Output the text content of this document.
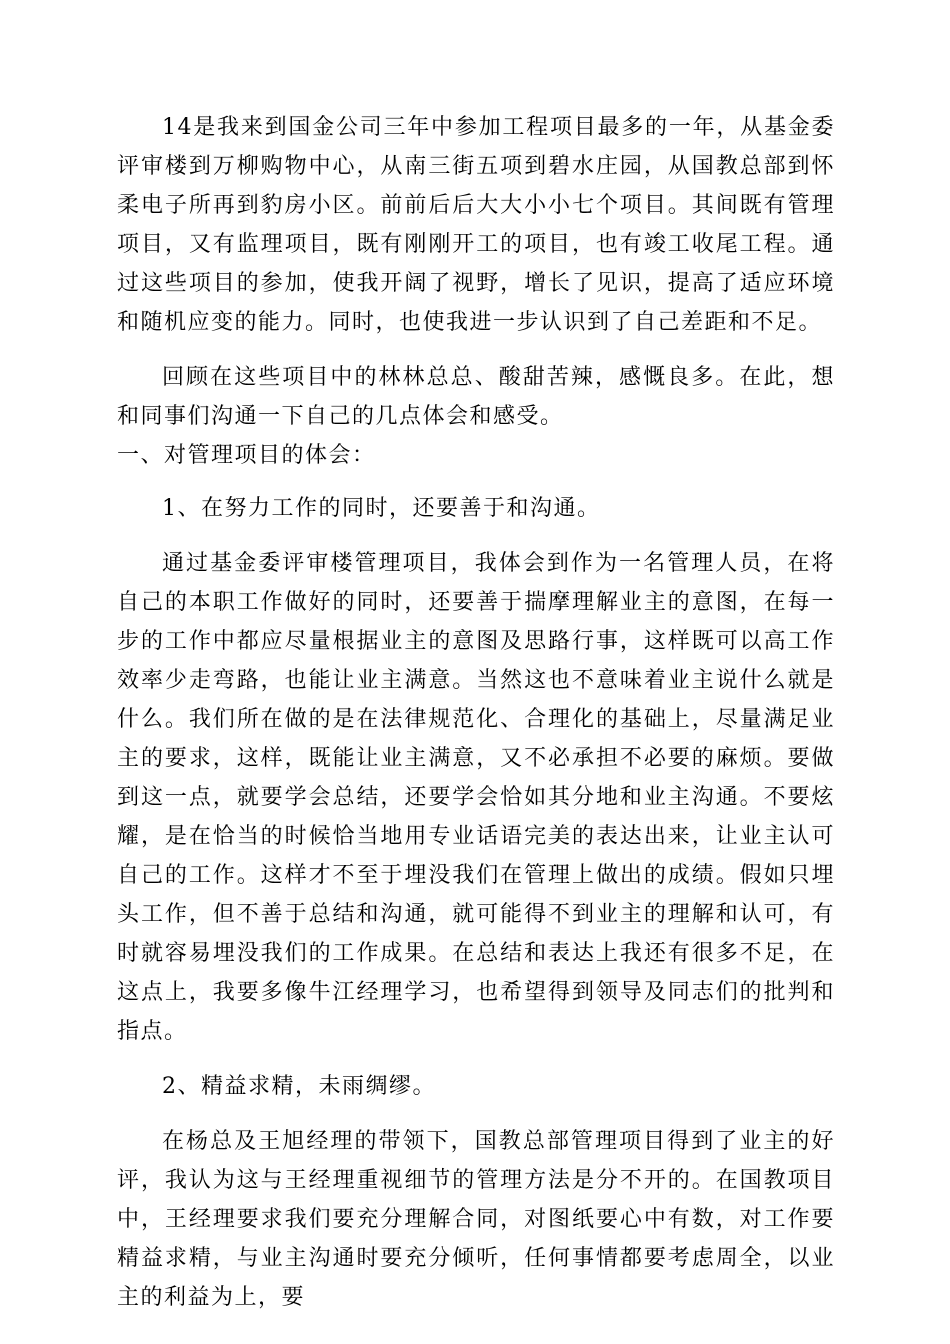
14是我来到国金公司三年中参加工程项目最多的一年，从基金委评审楼到万柳购物中心，从南三街五项到碧水庄园，从国教总部到怀柔电子所再到豹房小区。前前后后大大小小七个项目。其间既有管理项目，又有监理项目，既有刚刚开工的项目，也有竣工收尾工程。通过这些项目的参加，使我开阔了视野，增长了见识，提高了适应环境和随机应变的能力。同时，也使我进一步认识到了自己差距和不足。

回顾在这些项目中的林林总总、酸甜苦辣，感慨良多。在此，想和同事们沟通一下自己的几点体会和感受。

一、对管理项目的体会：

1、在努力工作的同时，还要善于和沟通。

通过基金委评审楼管理项目，我体会到作为一名管理人员，在将自己的本职工作做好的同时，还要善于揣摩理解业主的意图，在每一步的工作中都应尽量根据业主的意图及思路行事，这样既可以高工作效率少走弯路，也能让业主满意。当然这也不意味着业主说什么就是什么。我们所在做的是在法律规范化、合理化的基础上，尽量满足业主的要求，这样，既能让业主满意，又不必承担不必要的麻烦。要做到这一点，就要学会总结，还要学会恰如其分地和业主沟通。不要炫耀，是在恰当的时候恰当地用专业话语完美的表达出来，让业主认可自己的工作。这样才不至于埋没我们在管理上做出的成绩。假如只埋头工作，但不善于总结和沟通，就可能得不到业主的理解和认可，有时就容易埋没我们的工作成果。在总结和表达上我还有很多不足，在这点上，我要多像牛江经理学习，也希望得到领导及同志们的批判和指点。

2、精益求精，未雨绸缪。

在杨总及王旭经理的带领下，国教总部管理项目得到了业主的好评，我认为这与王经理重视细节的管理方法是分不开的。在国教项目中，王经理要求我们要充分理解合同，对图纸要心中有数，对工作要精益求精，与业主沟通时要充分倾听，任何事情都要考虑周全，以业主的利益为上，要
